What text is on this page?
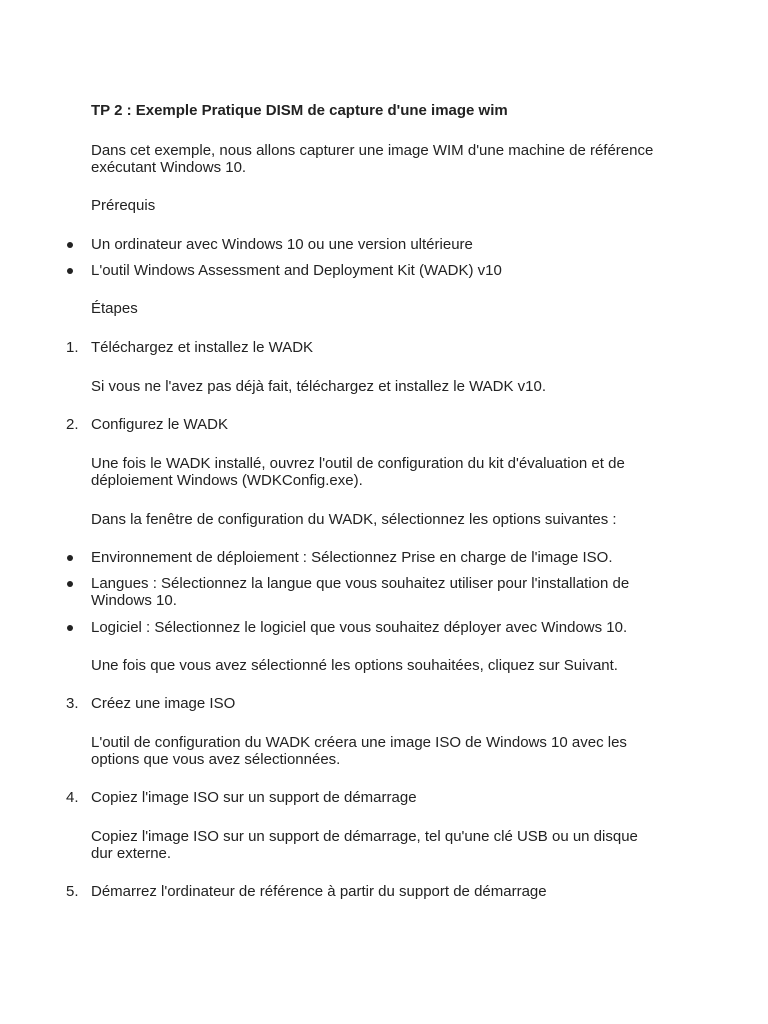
TP 2 : Exemple Pratique DISM de capture d'une image wim
Dans cet exemple, nous allons capturer une image WIM d'une machine de référence
exécutant Windows 10.
Prérequis
Un ordinateur avec Windows 10 ou une version ultérieure
L'outil Windows Assessment and Deployment Kit (WADK) v10
Étapes
1. Téléchargez et installez le WADK
Si vous ne l'avez pas déjà fait, téléchargez et installez le WADK v10.
2. Configurez le WADK
Une fois le WADK installé, ouvrez l'outil de configuration du kit d'évaluation et de
déploiement Windows (WDKConfig.exe).
Dans la fenêtre de configuration du WADK, sélectionnez les options suivantes :
Environnement de déploiement : Sélectionnez Prise en charge de l'image ISO.
Langues : Sélectionnez la langue que vous souhaitez utiliser pour l'installation de
Windows 10.
Logiciel : Sélectionnez le logiciel que vous souhaitez déployer avec Windows 10.
Une fois que vous avez sélectionné les options souhaitées, cliquez sur Suivant.
3. Créez une image ISO
L'outil de configuration du WADK créera une image ISO de Windows 10 avec les
options que vous avez sélectionnées.
4. Copiez l'image ISO sur un support de démarrage
Copiez l'image ISO sur un support de démarrage, tel qu'une clé USB ou un disque
dur externe.
5. Démarrez l'ordinateur de référence à partir du support de démarrage
